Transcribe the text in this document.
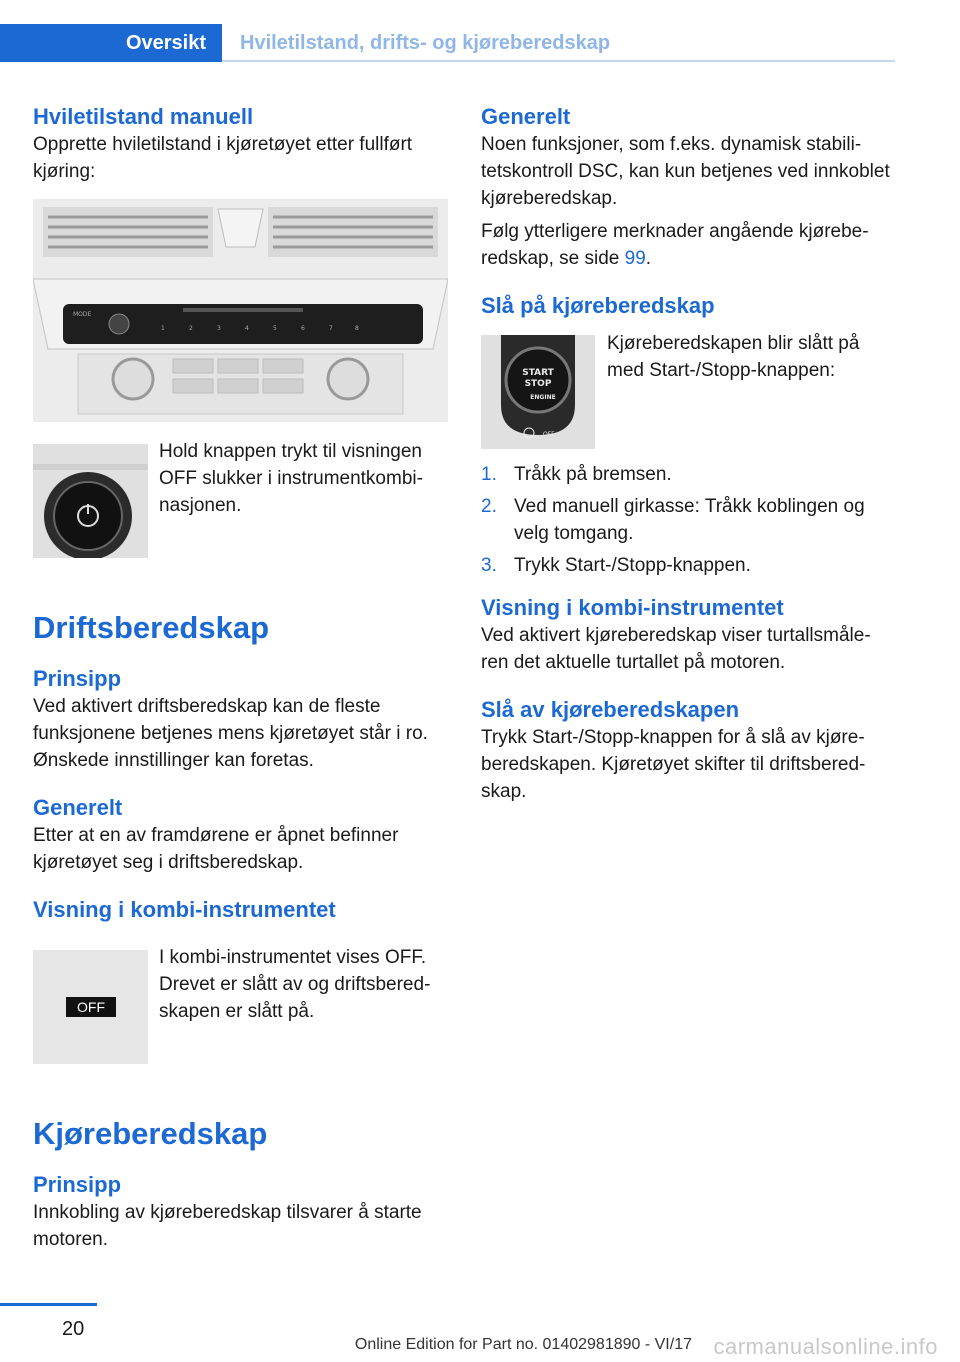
Oversikt	Hviletilstand, drifts- og kjøreberedskap
Hviletilstand manuell

Opprette hviletilstand i kjøretøyet etter fullført kjøring:

MODE
1	2	3	4	5	6	7	8
Hold knappen trykt til visningen OFF slukker i instrumentkombinasjonen.
Driftsberedskap
Prinsipp

Ved aktivert driftsberedskap kan de fleste funksjonene betjenes mens kjøretøyet står i ro. Ønskede innstillinger kan foretas.

Generelt

Etter at en av framdørene er åpnet befinner kjøretøyet seg i driftsberedskap.

Visning i kombi-instrumentet
OFF
I kombi-instrumentet vises OFF. Drevet er slått av og driftsberedskapen er slått på.
Kjøreberedskap
Prinsipp

Innkobling av kjøreberedskap tilsvarer å starte motoren.

Generelt

Noen funksjoner, som f.eks. dynamisk stabilitetskontroll DSC, kan kun betjenes ved innkoblet kjøreberedskap.

Følg ytterligere merknader angående kjøreberedskap, se side 99.

Slå på kjøreberedskap
START
STOP
ENGINE
OFF
Kjøreberedskapen blir slått på med Start-/Stopp-knappen:
1. Tråkk på bremsen.
2. Ved manuell girkasse: Tråkk koblingen og velg tomgang.
3. Trykk Start-/Stopp-knappen.
Visning i kombi-instrumentet

Ved aktivert kjøreberedskap viser turtallsmåleren det aktuelle turtallet på motoren.

Slå av kjøreberedskapen

Trykk Start-/Stopp-knappen for å slå av kjøreberedskapen. Kjøretøyet skifter til driftsberedskap.

20
Online Edition for Part no. 01402981890 - VI/17 carmanualsonline.info
